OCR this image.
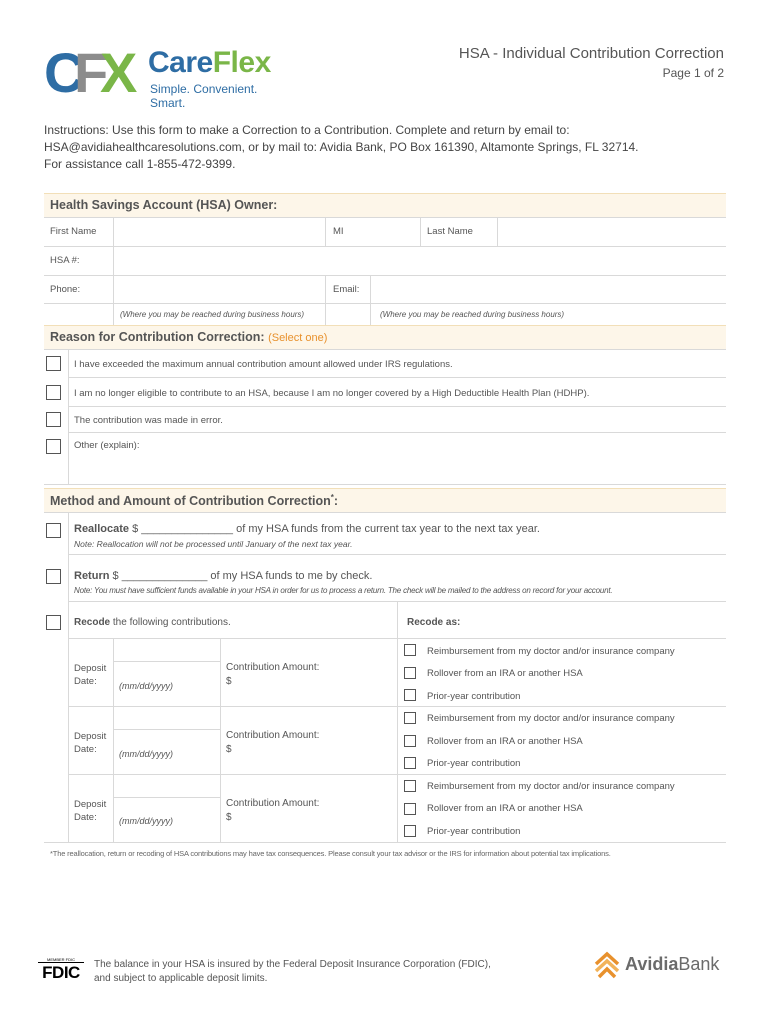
C
F
X CareFlex
Simple. Convenient. Smart.
HSA - Individual Contribution Correction
Page 1 of 2
Instructions: Use this form to make a Correction to a Contribution. Complete and return by email to:
HSA@avidiahealthcaresolutions.com, or by mail to: Avidia Bank, PO Box 161390, Altamonte Springs, FL 32714.
For assistance call 1-855-472-9399.
Health Savings Account (HSA) Owner:
First Name	MI	Last Name
HSA #:
Phone:	Email:
(Where you may be reached during business hours)	(Where you may be reached during business hours)
Reason for Contribution Correction: (Select one)
I have exceeded the maximum annual contribution amount allowed under IRS regulations.
I am no longer eligible to contribute to an HSA, because I am no longer covered by a High Deductible Health Plan (HDHP).
The contribution was made in error.
Other (explain):
Method and Amount of Contribution Correction*:
Reallocate $ _______________ of my HSA funds from the current tax year to the next tax year.
Note: Reallocation will not be processed until January of the next tax year.
Return $ ______________ of my HSA funds to me by check.
Note: You must have sufficient funds available in your HSA in order for us to process a return. The check will be mailed to the address on record for your account.
Recode the following contributions.	Recode as:
Deposit Date:	(mm/dd/yyyy)
Contribution Amount:
$
Reimbursement from my doctor and/or insurance company
Rollover from an IRA or another HSA
Prior-year contribution
Deposit Date:	(mm/dd/yyyy)
Contribution Amount:
$
Reimbursement from my doctor and/or insurance company
Rollover from an IRA or another HSA
Prior-year contribution
Deposit Date:	(mm/dd/yyyy)
Contribution Amount:
$
Reimbursement from my doctor and/or insurance company
Rollover from an IRA or another HSA
Prior-year contribution
*The reallocation, return or recoding of HSA contributions may have tax consequences. Please consult your tax advisor or the IRS for information about potential tax implications.
MEMBER FDIC
FDIC	The balance in your HSA is insured by the Federal Deposit Insurance Corporation (FDIC),
and subject to applicable deposit limits.
AvidiaBank
